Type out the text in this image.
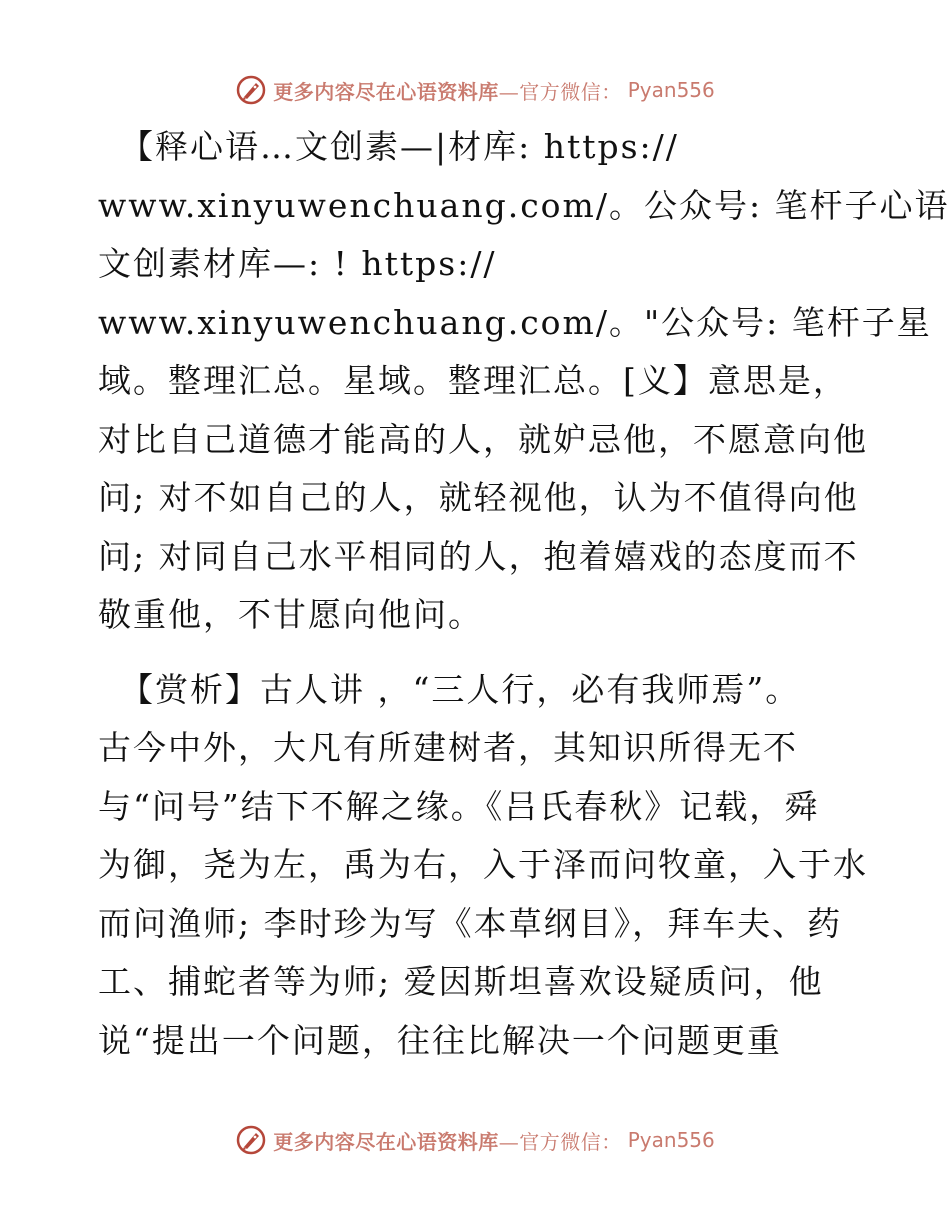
更多内容尽在心语资料库—官方微信： Pyan556

【释心语…文创素—|材库: https://
www.xinyuwenchuang.com/。公众号: 笔杆子心语
文创素材库—: ! https://
www.xinyuwenchuang.com/。"公众号: 笔杆子星
域。整理汇总。星域。整理汇总。[义】意思是，
对比自己道德才能高的人，就妒忌他，不愿意向他
问; 对不如自己的人，就轻视他，认为不值得向他
问; 对同自己水平相同的人，抱着嬉戏的态度而不
敬重他，不甘愿向他问。

【赏析】古人讲 ，“三人行，必有我师焉”。
古今中外，大凡有所建树者，其知识所得无不
与“问号”结下不解之缘。《吕氏春秋》记载，舜
为御，尧为左，禹为右，入于泽而问牧童，入于水
而问渔师; 李时珍为写《本草纲目》，拜车夫、药
工、捕蛇者等为师; 爱因斯坦喜欢设疑质问，他
说“提出一个问题，往往比解决一个问题更重

更多内容尽在心语资料库—官方微信： Pyan556
